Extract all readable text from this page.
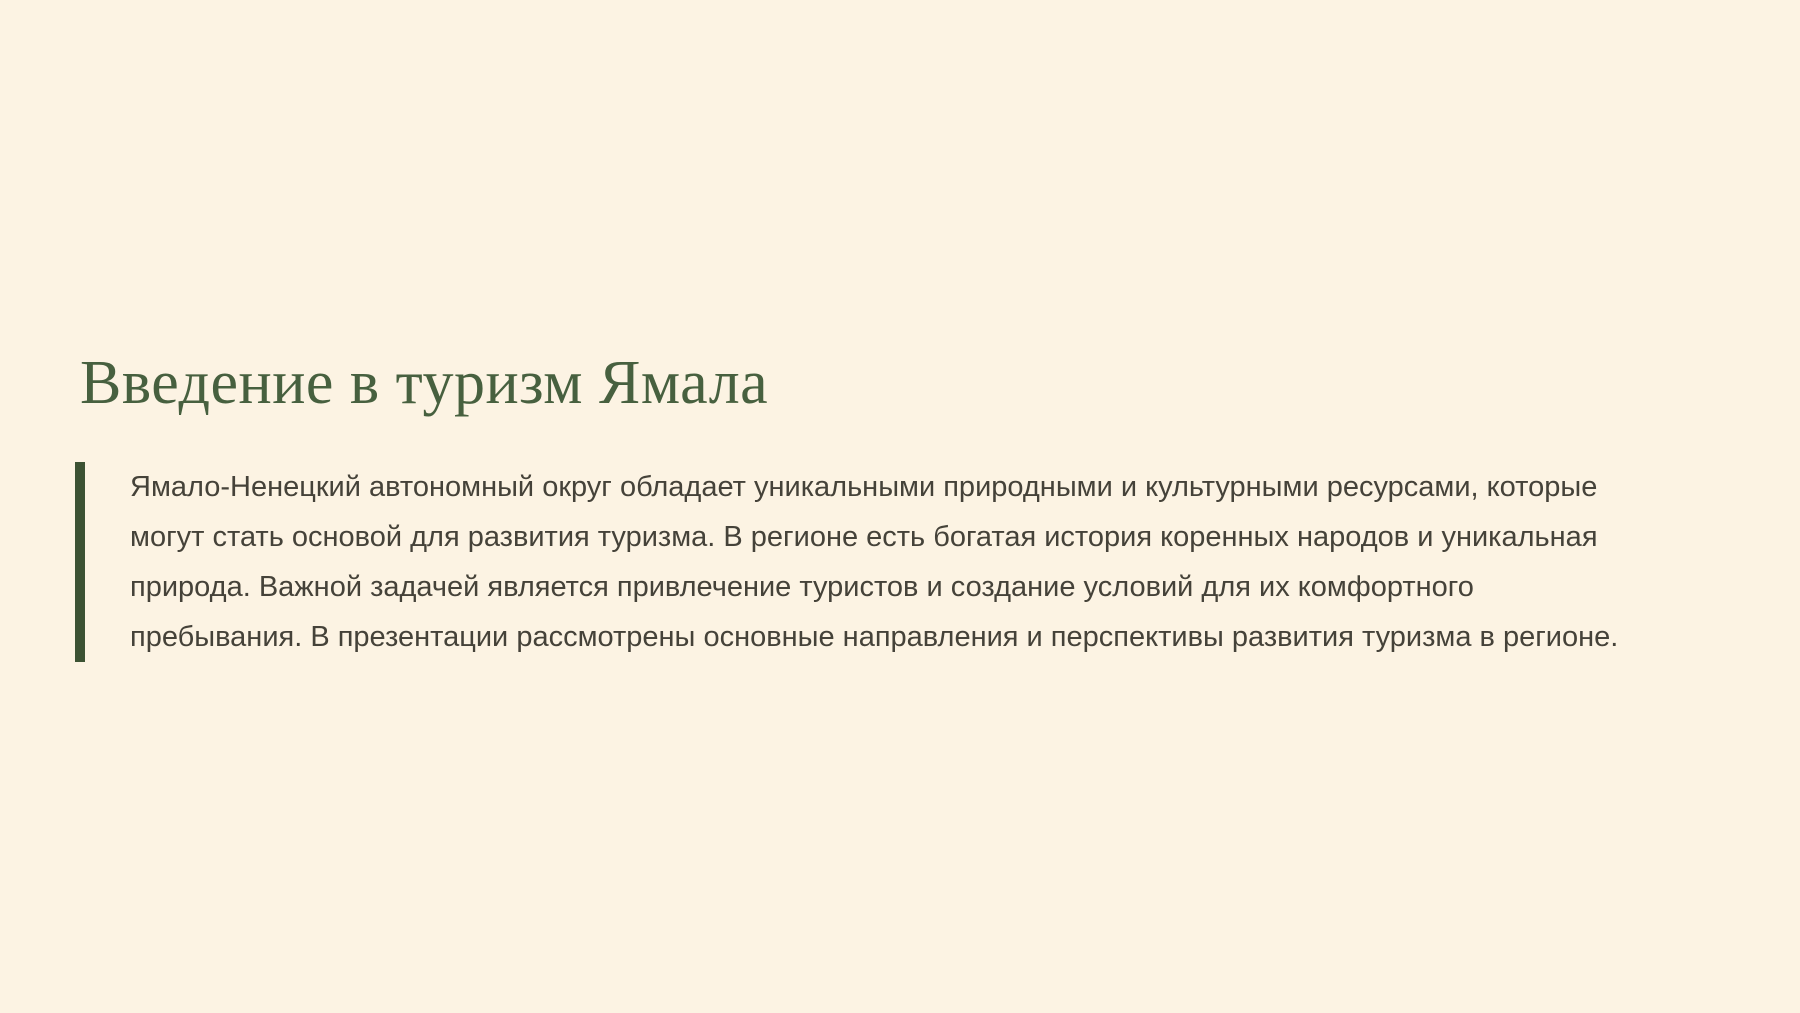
Введение в туризм Ямала

Ямало-Ненецкий автономный округ обладает уникальными природными и культурными ресурсами, которые могут стать основой для развития туризма. В регионе есть богатая история коренных народов и уникальная природа. Важной задачей является привлечение туристов и создание условий для их комфортного пребывания. В презентации рассмотрены основные направления и перспективы развития туризма в регионе.
